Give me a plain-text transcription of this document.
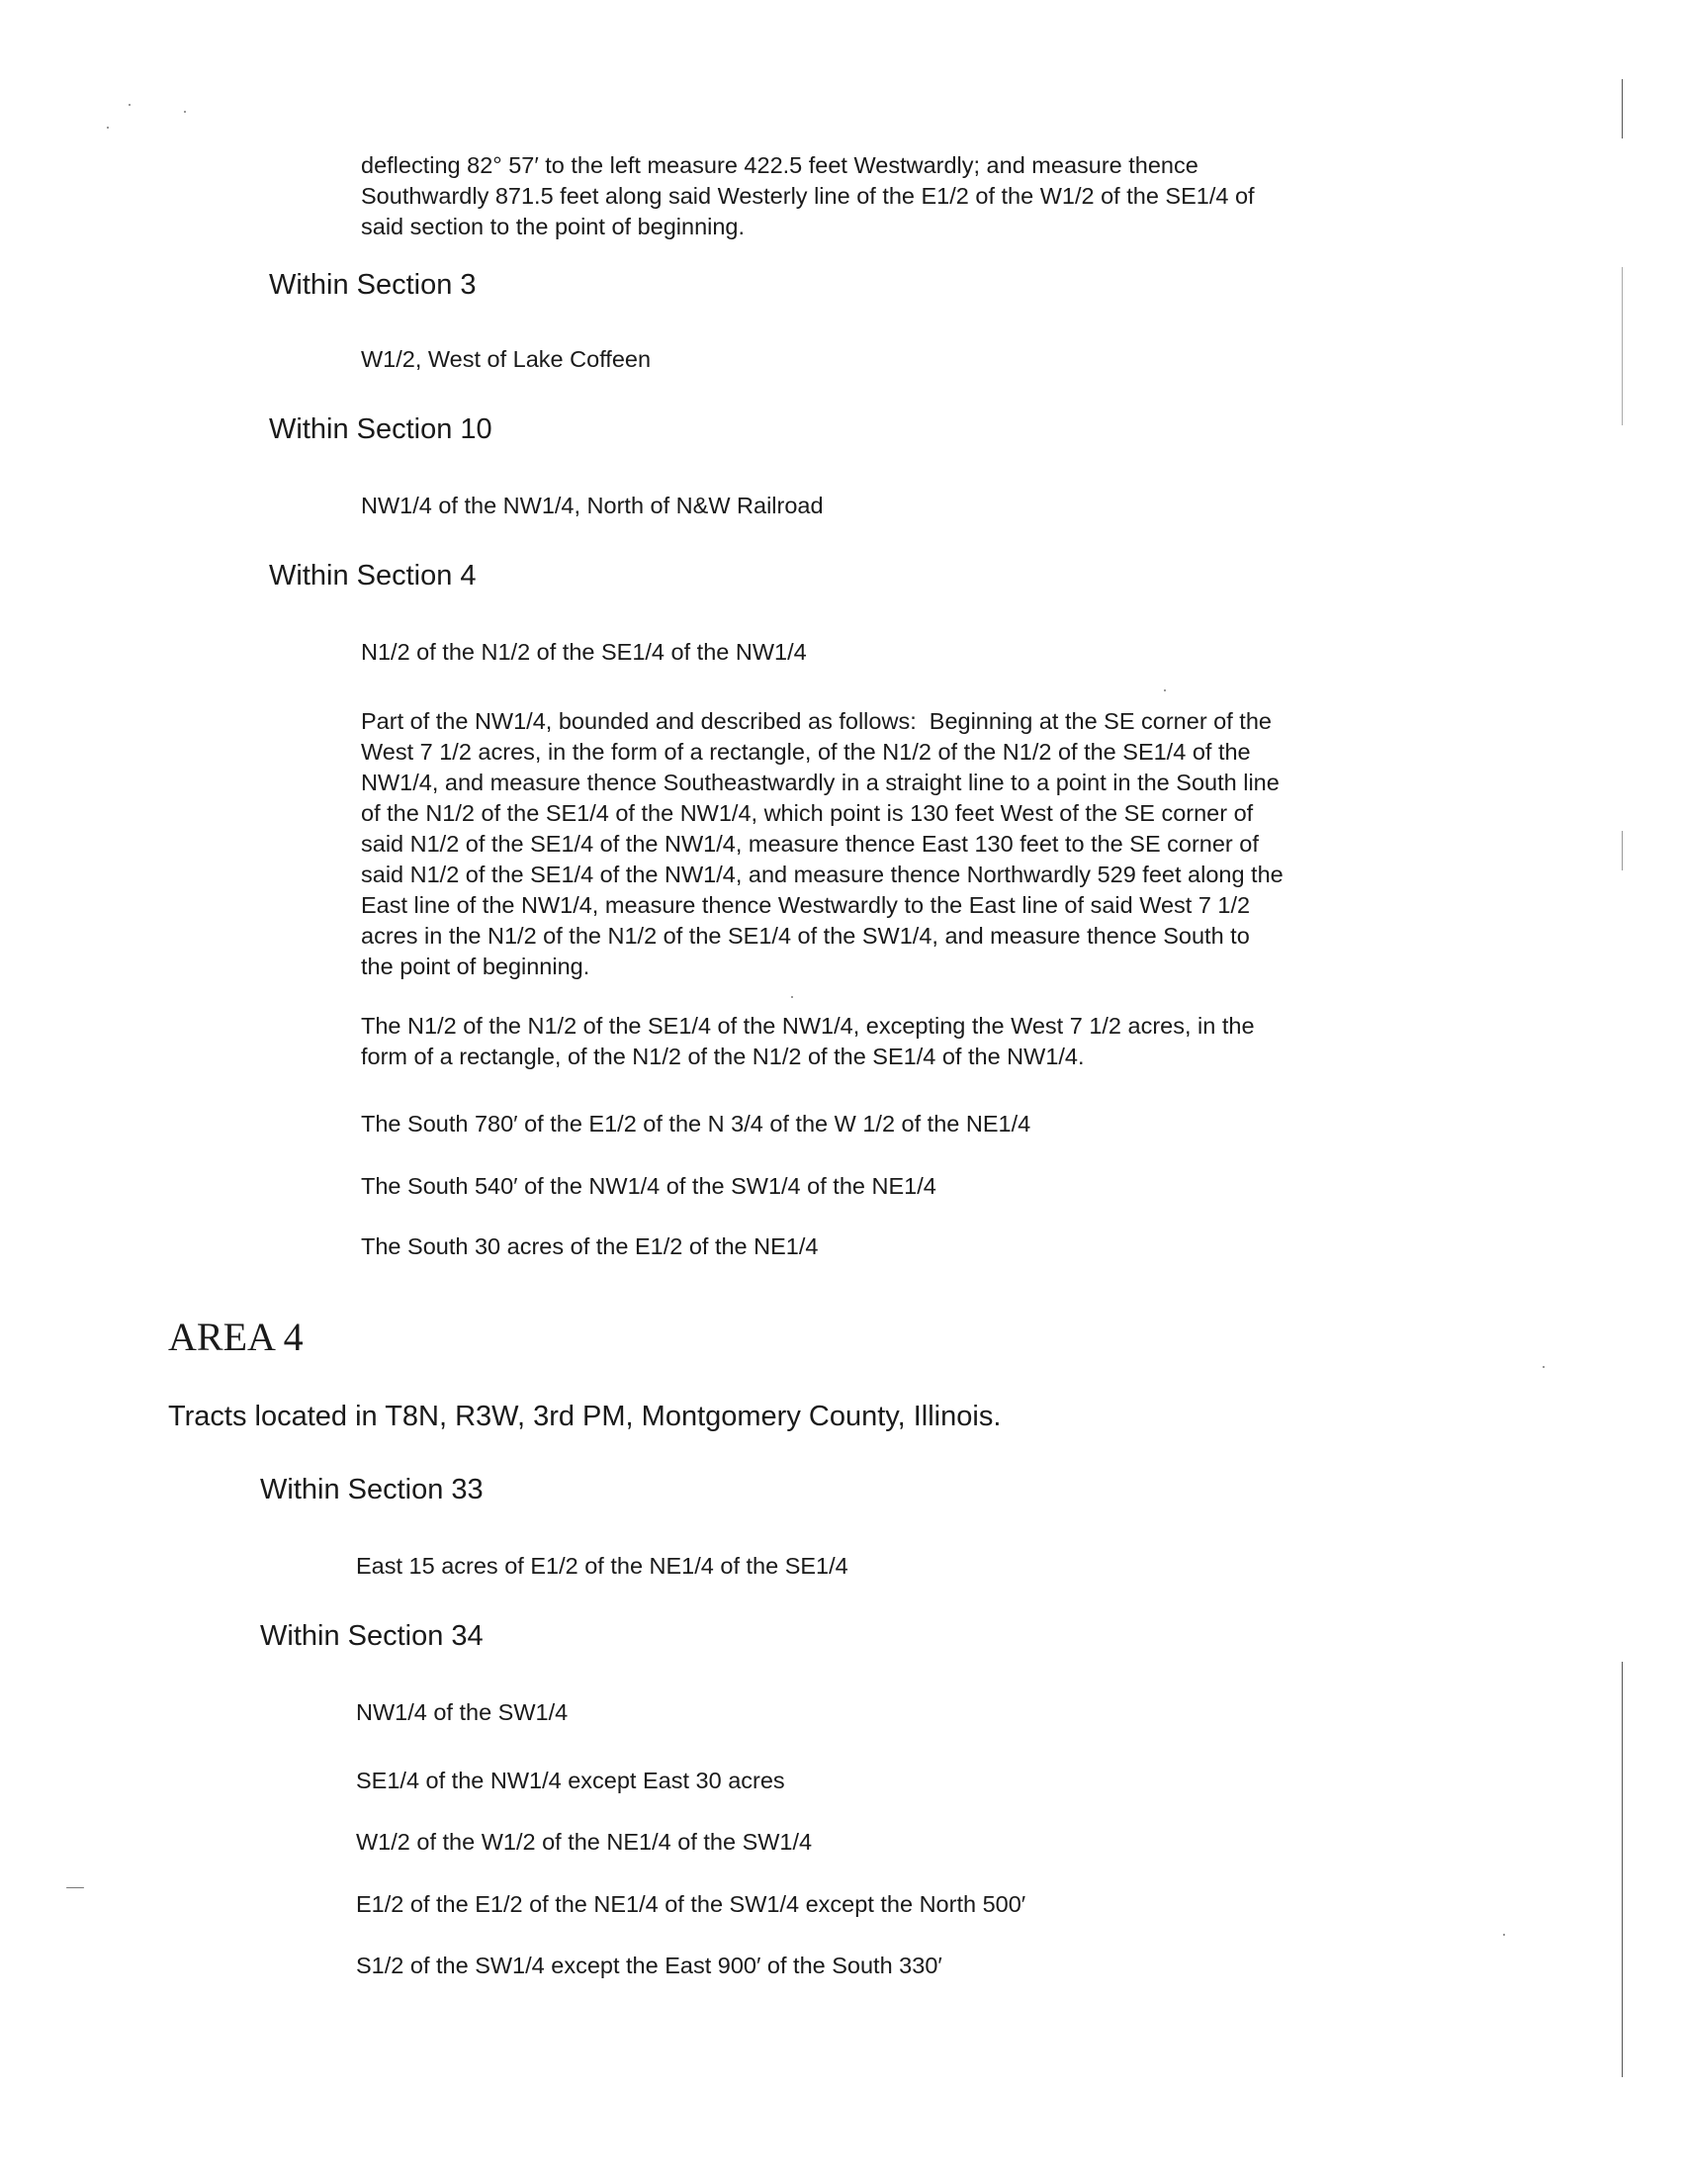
deflecting 82° 57′ to the left measure 422.5 feet Westwardly; and measure thence
Southwardly 871.5 feet along said Westerly line of the E1/2 of the W1/2 of the SE1/4 of
said section to the point of beginning.

Within Section 3

W1/2, West of Lake Coffeen

Within Section 10

NW1/4 of the NW1/4, North of N&W Railroad

Within Section 4

N1/2 of the N1/2 of the SE1/4 of the NW1/4

Part of the NW1/4, bounded and described as follows:  Beginning at the SE corner of the
West 7 1/2 acres, in the form of a rectangle, of the N1/2 of the N1/2 of the SE1/4 of the
NW1/4, and measure thence Southeastwardly in a straight line to a point in the South line
of the N1/2 of the SE1/4 of the NW1/4, which point is 130 feet West of the SE corner of
said N1/2 of the SE1/4 of the NW1/4, measure thence East 130 feet to the SE corner of
said N1/2 of the SE1/4 of the NW1/4, and measure thence Northwardly 529 feet along the
East line of the NW1/4, measure thence Westwardly to the East line of said West 7 1/2
acres in the N1/2 of the N1/2 of the SE1/4 of the SW1/4, and measure thence South to
the point of beginning.

The N1/2 of the N1/2 of the SE1/4 of the NW1/4, excepting the West 7 1/2 acres, in the
form of a rectangle, of the N1/2 of the N1/2 of the SE1/4 of the NW1/4.

The South 780′ of the E1/2 of the N 3/4 of the W 1/2 of the NE1/4

The South 540′ of the NW1/4 of the SW1/4 of the NE1/4

The South 30 acres of the E1/2 of the NE1/4

AREA 4

Tracts located in T8N, R3W, 3rd PM, Montgomery County, Illinois.

Within Section 33

East 15 acres of E1/2 of the NE1/4 of the SE1/4

Within Section 34

NW1/4 of the SW1/4

SE1/4 of the NW1/4 except East 30 acres

W1/2 of the W1/2 of the NE1/4 of the SW1/4

E1/2 of the E1/2 of the NE1/4 of the SW1/4 except the North 500′

S1/2 of the SW1/4 except the East 900′ of the South 330′
